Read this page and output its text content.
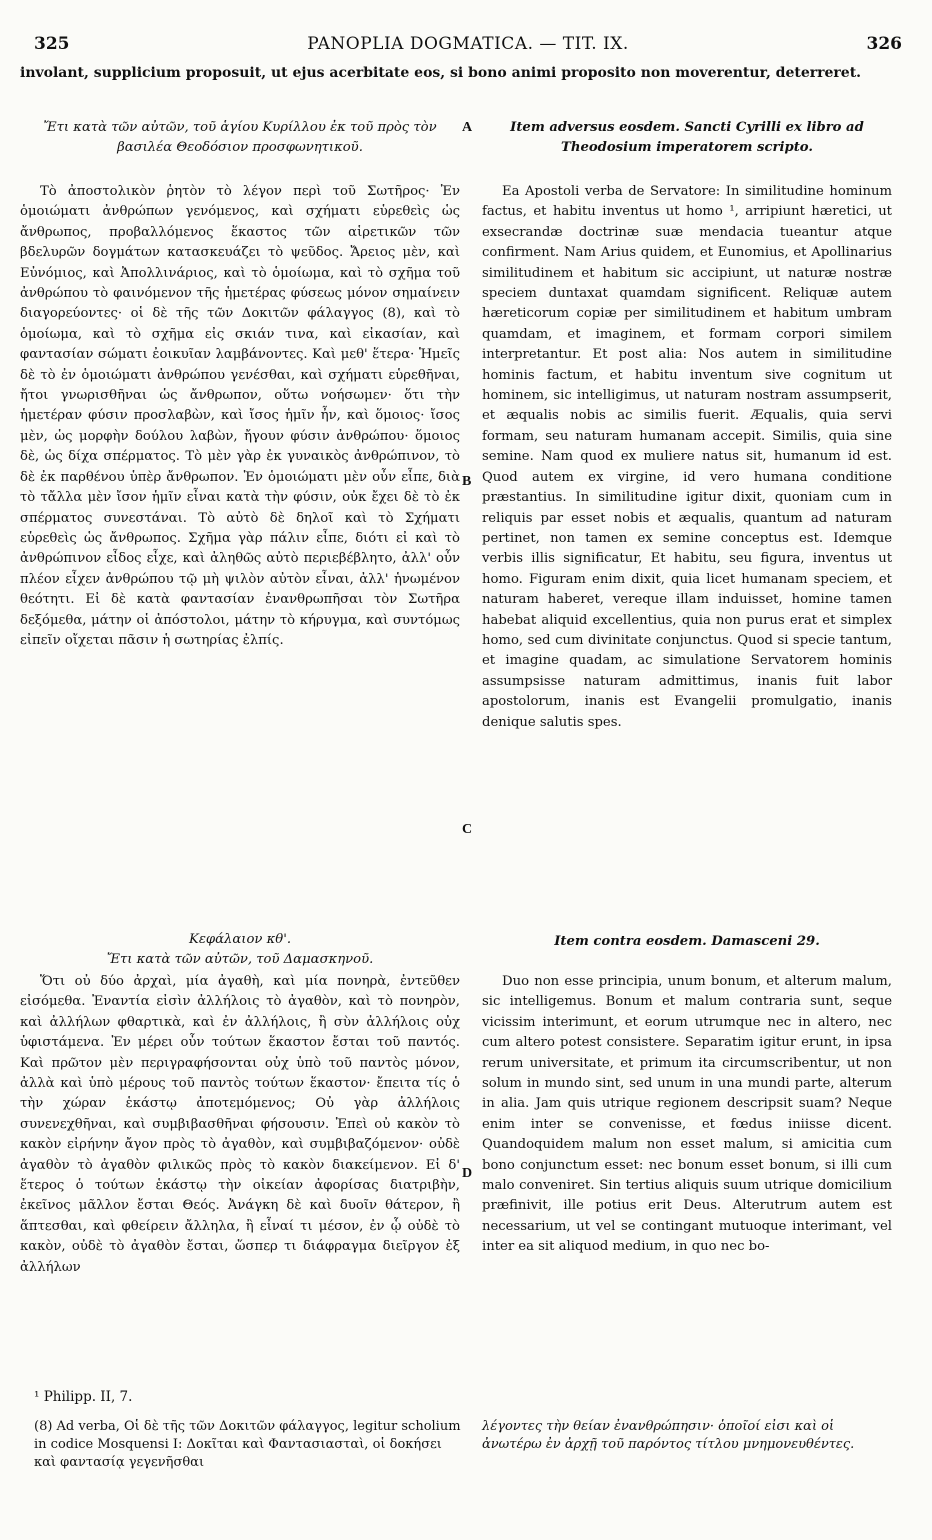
325	PANOPLIA DOGMATICA. — TIT. IX.	326
involant, supplicium proposuit, ut ejus acerbitate eos, si bono animi proposito non moverentur, deterreret.
Ἔτι κατὰ τῶν αὐτῶν, τοῦ ἁγίου Κυρίλλου ἐκ τοῦ πρὸς τὸν βασιλέα Θεοδόσιον προσφωνητικοῦ.
Item adversus eosdem. Sancti Cyrilli ex libro ad Theodosium imperatorem scripto.

Τὸ ἀποστολικὸν ῥητὸν τὸ λέγον περὶ τοῦ Σωτῆρος· Ἐν ὁμοιώματι ἀνθρώπων γενόμενος, καὶ σχήματι εὑρεθεὶς ὡς ἄνθρωπος, προβαλλόμενος ἕκαστος τῶν αἱρετικῶν τῶν βδελυρῶν δογμάτων κατασκευάζει τὸ ψεῦδος. Ἄρειος μὲν, καὶ Εὐνόμιος, καὶ Ἀπολλινάριος, καὶ τὸ ὁμοίωμα, καὶ τὸ σχῆμα τοῦ ἀνθρώπου τὸ φαινόμενον τῆς ἡμετέρας φύσεως μόνον σημαίνειν διαγορεύοντες· οἱ δὲ τῆς τῶν Δοκιτῶν φάλαγγος (8), καὶ τὸ ὁμοίωμα, καὶ τὸ σχῆμα εἰς σκιάν τινα, καὶ εἰκασίαν, καὶ φαντασίαν σώματι ἐοικυῖαν λαμβάνοντες. Καὶ μεθ' ἕτερα· Ἡμεῖς δὲ τὸ ἐν ὁμοιώματι ἀνθρώπου γενέσθαι, καὶ σχήματι εὑρεθῆναι, ἤτοι γνωρισθῆναι ὡς ἄνθρωπον, οὕτω νοήσωμεν· ὅτι τὴν ἡμετέραν φύσιν προσλαβὼν, καὶ ἴσος ἡμῖν ἦν, καὶ ὅμοιος· ἴσος μὲν, ὡς μορφὴν δούλου λαβὼν, ἤγουν φύσιν ἀνθρώπου· ὅμοιος δὲ, ὡς δίχα σπέρματος. Τὸ μὲν γὰρ ἐκ γυναικὸς ἀνθρώπινον, τὸ δὲ ἐκ παρθένου ὑπὲρ ἄνθρωπον. Ἐν ὁμοιώματι μὲν οὖν εἶπε, διὰ τὸ τἄλλα μὲν ἴσον ἡμῖν εἶναι κατὰ τὴν φύσιν, οὐκ ἔχει δὲ τὸ ἐκ σπέρματος συνεστάναι. Τὸ αὐτὸ δὲ δηλοῖ καὶ τὸ Σχήματι εὑρεθεὶς ὡς ἄνθρωπος. Σχῆμα γὰρ πάλιν εἶπε, διότι εἰ καὶ τὸ ἀνθρώπινον εἶδος εἶχε, καὶ ἀληθῶς αὐτὸ περιεβέβλητο, ἀλλ' οὖν πλέον εἶχεν ἀνθρώπου τῷ μὴ ψιλὸν αὐτὸν εἶναι, ἀλλ' ἡνωμένον θεότητι. Εἰ δὲ κατὰ φαντασίαν ἐνανθρωπῆσαι τὸν Σωτῆρα δεξόμεθα, μάτην οἱ ἀπόστολοι, μάτην τὸ κήρυγμα, καὶ συντόμως εἰπεῖν οἴχεται πᾶσιν ἡ σωτηρίας ἐλπίς.

Ea Apostoli verba de Servatore: In similitudine hominum factus, et habitu inventus ut homo ¹, arripiunt hæretici, ut exsecrandæ doctrinæ suæ mendacia tueantur atque confirment. Nam Arius quidem, et Eunomius, et Apollinarius similitudinem et habitum sic accipiunt, ut naturæ nostræ speciem duntaxat quamdam significent. Reliquæ autem hæreticorum copiæ per similitudinem et habitum umbram quamdam, et imaginem, et formam corpori similem interpretantur. Et post alia: Nos autem in similitudine hominis factum, et habitu inventum sive cognitum ut hominem, sic intelligimus, ut naturam nostram assumpserit, et æqualis nobis ac similis fuerit. Æqualis, quia servi formam, seu naturam humanam accepit. Similis, quia sine semine. Nam quod ex muliere natus sit, humanum id est. Quod autem ex virgine, id vero humana conditione præstantius. In similitudine igitur dixit, quoniam cum in reliquis par esset nobis et æqualis, quantum ad naturam pertinet, non tamen ex semine conceptus est. Idemque verbis illis significatur, Et habitu, seu figura, inventus ut homo. Figuram enim dixit, quia licet humanam speciem, et naturam haberet, vereque illam induisset, homine tamen habebat aliquid excellentius, quia non purus erat et simplex homo, sed cum divinitate conjunctus. Quod si specie tantum, et imagine quadam, ac simulatione Servatorem hominis assumpsisse naturam admittimus, inanis fuit labor apostolorum, inanis est Evangelii promulgatio, inanis denique salutis spes.

Κεφάλαιον κθ'.
Ἔτι κατὰ τῶν αὐτῶν, τοῦ Δαμασκηνοῦ.
Item contra eosdem. Damasceni 29.

Ὅτι οὐ δύο ἀρχαὶ, μία ἀγαθὴ, καὶ μία πονηρὰ, ἐντεῦθεν εἰσόμεθα. Ἐναντία εἰσὶν ἀλλήλοις τὸ ἀγαθὸν, καὶ τὸ πονηρὸν, καὶ ἀλλήλων φθαρτικὰ, καὶ ἐν ἀλλήλοις, ἢ σὺν ἀλλήλοις οὐχ ὑφιστάμενα. Ἐν μέρει οὖν τούτων ἕκαστον ἔσται τοῦ παντός. Καὶ πρῶτον μὲν περιγραφήσονται οὐχ ὑπὸ τοῦ παντὸς μόνον, ἀλλὰ καὶ ὑπὸ μέρους τοῦ παντὸς τούτων ἕκαστον· ἔπειτα τίς ὁ τὴν χώραν ἑκάστῳ ἀποτεμόμενος; Οὐ γὰρ ἀλλήλοις συνενεχθῆναι, καὶ συμβιβασθῆναι φήσουσιν. Ἐπεὶ οὐ κακὸν τὸ κακὸν εἰρήνην ἄγον πρὸς τὸ ἀγαθὸν, καὶ συμβιβαζόμενον· οὐδὲ ἀγαθὸν τὸ ἀγαθὸν φιλικῶς πρὸς τὸ κακὸν διακείμενον. Εἰ δ' ἕτερος ὁ τούτων ἑκάστῳ τὴν οἰκείαν ἀφορίσας διατριβὴν, ἐκεῖνος μᾶλλον ἔσται Θεός. Ἀνάγκη δὲ καὶ δυοῖν θάτερον, ἢ ἅπτεσθαι, καὶ φθείρειν ἄλληλα, ἢ εἶναί τι μέσον, ἐν ᾧ οὐδὲ τὸ κακὸν, οὐδὲ τὸ ἀγαθὸν ἔσται, ὥσπερ τι διάφραγμα διεῖργον ἐξ ἀλλήλων

Duo non esse principia, unum bonum, et alterum malum, sic intelligemus. Bonum et malum contraria sunt, seque vicissim interimunt, et eorum utrumque nec in altero, nec cum altero potest consistere. Separatim igitur erunt, in ipsa rerum universitate, et primum ita circumscribentur, ut non solum in mundo sint, sed unum in una mundi parte, alterum in alia. Jam quis utrique regionem descripsit suam? Neque enim inter se convenisse, et fœdus iniisse dicent. Quandoquidem malum non esset malum, si amicitia cum bono conjunctum esset: nec bonum esset bonum, si illi cum malo conveniret. Sin tertius aliquis suum utrique domicilium præfinivit, ille potius erit Deus. Alterutrum autem est necessarium, ut vel se contingant mutuoque interimant, vel inter ea sit aliquod medium, in quo nec bo-

A
B
C
D
¹ Philipp. II, 7.
(8) Ad verba, Οἱ δὲ τῆς τῶν Δοκιτῶν φάλαγγος, legitur scholium in codice Mosquensi I: Δοκῖται καὶ Φαντασιασταὶ, οἱ δοκήσει καὶ φαντασίᾳ γεγενῆσθαι
λέγοντες τὴν θείαν ἐνανθρώπησιν· ὁποῖοί εἰσι καὶ οἱ ἀνωτέρω ἐν ἀρχῇ τοῦ παρόντος τίτλου μνημονευθέντες.
